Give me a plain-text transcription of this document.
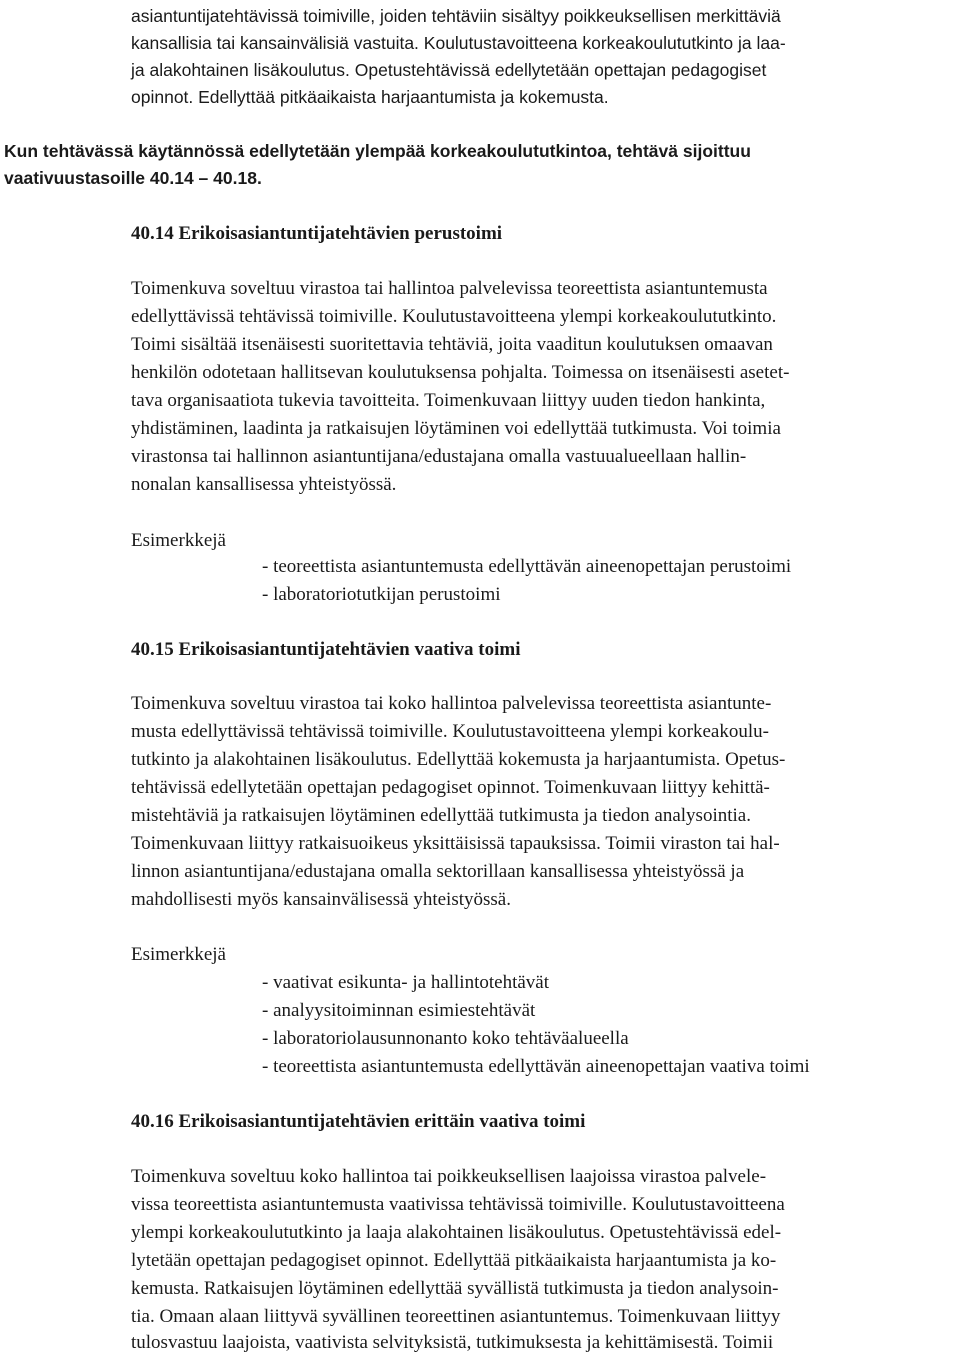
asiantuntijatehtävissä toimiville, joiden tehtäviin sisältyy poikkeuksellisen merkittäviä
kansallisia tai kansainvälisiä vastuita. Koulutustavoitteena korkeakoulututkinto ja laa-
ja alakohtainen lisäkoulutus. Opetustehtävissä edellytetään opettajan pedagogiset
opinnot. Edellyttää pitkäaikaista harjaantumista ja kokemusta.
Kun tehtävässä käytännössä edellytetään ylempää korkeakoulututkintoa, tehtävä sijoittuu
vaativuustasoille 40.14 – 40.18.
40.14 Erikoisasiantuntijatehtävien perustoimi
Toimenkuva soveltuu virastoa tai hallintoa palvelevissa teoreettista asiantuntemusta
edellyttävissä tehtävissä toimiville. Koulutustavoitteena ylempi korkeakoulututkinto.
Toimi sisältää itsenäisesti suoritettavia tehtäviä, joita vaaditun koulutuksen omaavan
henkilön odotetaan hallitsevan koulutuksensa pohjalta. Toimessa on itsenäisesti asetet-
tava organisaatiota tukevia tavoitteita. Toimenkuvaan liittyy uuden tiedon hankinta,
yhdistäminen, laadinta ja ratkaisujen löytäminen voi edellyttää tutkimusta. Voi toimia
virastonsa tai hallinnon asiantuntijana/edustajana omalla vastuualueellaan hallin-
nonalan kansallisessa yhteistyössä.
Esimerkkejä
- teoreettista asiantuntemusta edellyttävän aineenopettajan perustoimi
- laboratoriotutkijan perustoimi
40.15 Erikoisasiantuntijatehtävien vaativa toimi
Toimenkuva soveltuu virastoa tai koko hallintoa palvelevissa teoreettista asiantunte-
musta edellyttävissä tehtävissä toimiville. Koulutustavoitteena ylempi korkeakoulu-
tutkinto ja alakohtainen lisäkoulutus. Edellyttää kokemusta ja harjaantumista. Opetus-
tehtävissä edellytetään opettajan pedagogiset opinnot. Toimenkuvaan liittyy kehittä-
mistehtäviä ja ratkaisujen löytäminen edellyttää tutkimusta ja tiedon analysointia.
Toimenkuvaan liittyy ratkaisuoikeus yksittäisissä tapauksissa. Toimii viraston tai hal-
linnon asiantuntijana/edustajana omalla sektorillaan kansallisessa yhteistyössä ja
mahdollisesti myös kansainvälisessä yhteistyössä.
Esimerkkejä
- vaativat esikunta- ja hallintotehtävät
- analyysitoiminnan esimiestehtävät
- laboratoriolausunnonanto koko tehtäväalueella
- teoreettista asiantuntemusta edellyttävän aineenopettajan vaativa toimi
40.16 Erikoisasiantuntijatehtävien erittäin vaativa toimi
Toimenkuva soveltuu koko hallintoa tai poikkeuksellisen laajoissa virastoa palvele-
vissa teoreettista asiantuntemusta vaativissa tehtävissä toimiville. Koulutustavoitteena
ylempi korkeakoulututkinto ja laaja alakohtainen lisäkoulutus. Opetustehtävissä edel-
lytetään opettajan pedagogiset opinnot. Edellyttää pitkäaikaista harjaantumista ja ko-
kemusta. Ratkaisujen löytäminen edellyttää syvällistä tutkimusta ja tiedon analysoin-
tia. Omaan alaan liittyvä syvällinen teoreettinen asiantuntemus. Toimenkuvaan liittyy
tulosvastuu laajoista, vaativista selvityksistä, tutkimuksesta ja kehittämisestä. Toimii
